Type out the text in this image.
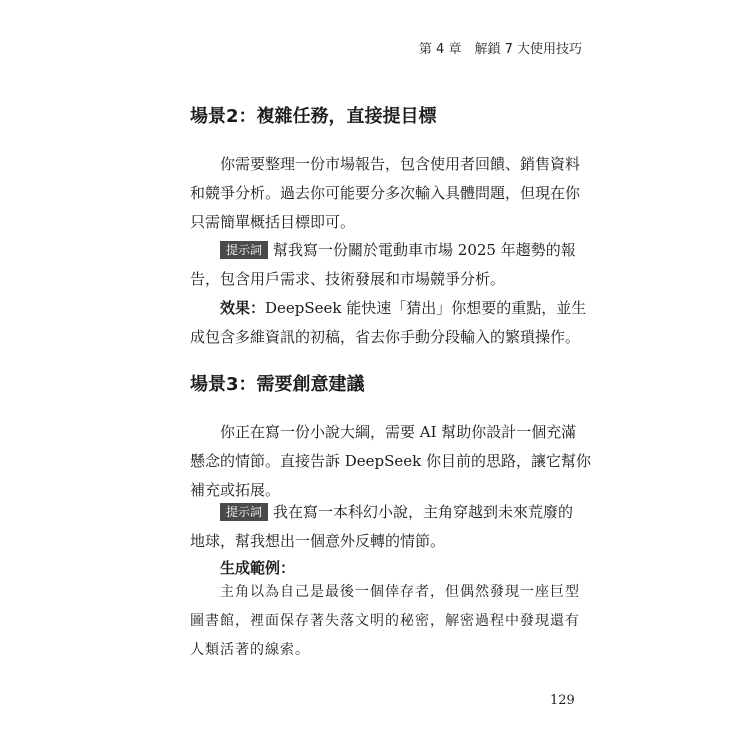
第 4 章　解鎖 7 大使用技巧
場景2：複雜任務，直接提目標
你需要整理一份市場報告，包含使用者回饋、銷售資料
和競爭分析。過去你可能要分多次輸入具體問題，但現在你
只需簡單概括目標即可。
提示詞 幫我寫一份關於電動車市場 2025 年趨勢的報
告，包含用戶需求、技術發展和市場競爭分析。
效果：DeepSeek 能快速「猜出」你想要的重點，並生
成包含多維資訊的初稿，省去你手動分段輸入的繁瑣操作。
場景3：需要創意建議
你正在寫一份小說大綱，需要 AI 幫助你設計一個充滿
懸念的情節。直接告訴 DeepSeek 你目前的思路，讓它幫你
補充或拓展。
提示詞 我在寫一本科幻小說，主角穿越到未來荒廢的
地球，幫我想出一個意外反轉的情節。
生成範例：
主角以為自己是最後一個倖存者，但偶然發現一座巨型
圖書館，裡面保存著失落文明的秘密，解密過程中發現還有
人類活著的線索。
129
